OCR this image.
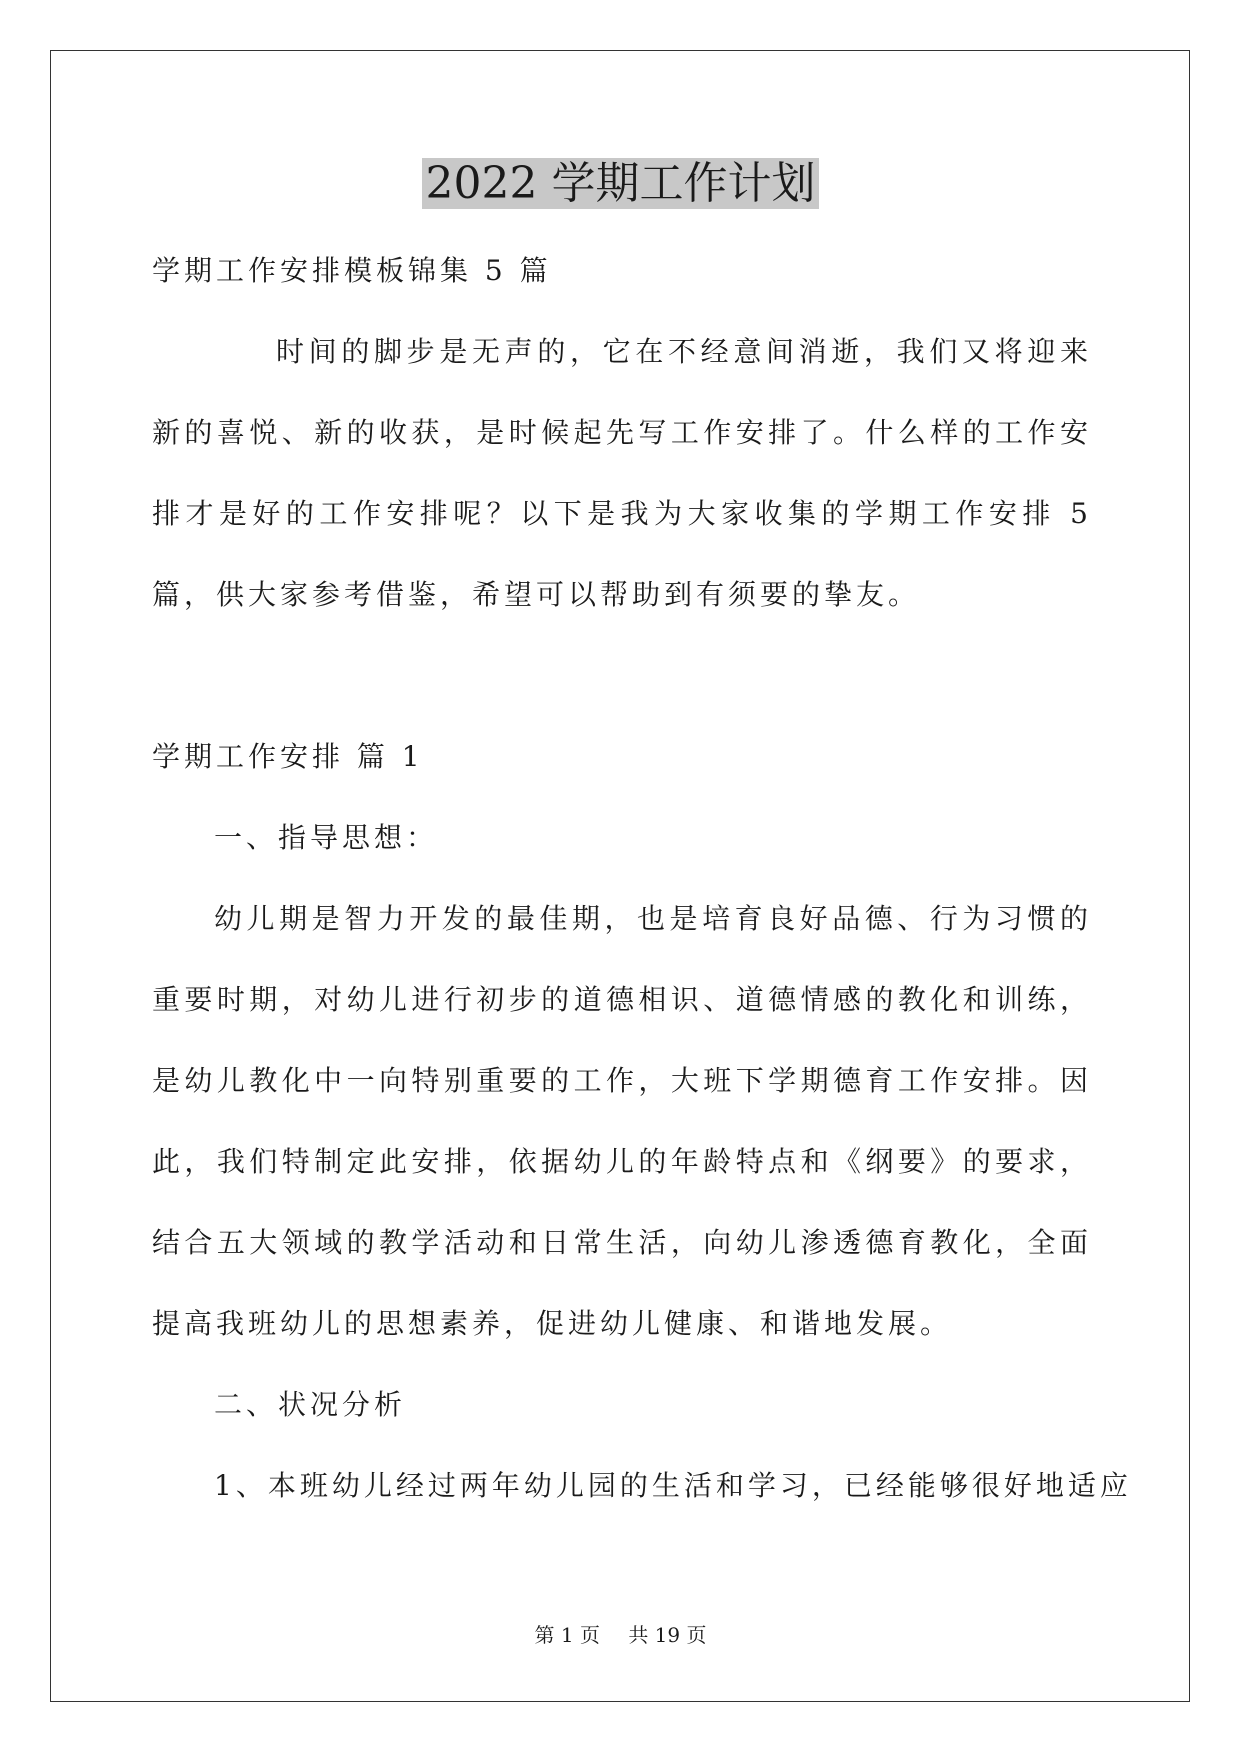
2022 学期工作计划

学期工作安排模板锦集 5 篇

时间的脚步是无声的，它在不经意间消逝，我们又将迎来新的喜悦、新的收获，是时候起先写工作安排了。什么样的工作安排才是好的工作安排呢？以下是我为大家收集的学期工作安排 5 篇，供大家参考借鉴，希望可以帮助到有须要的挚友。

学期工作安排 篇 1

一、指导思想：

幼儿期是智力开发的最佳期，也是培育良好品德、行为习惯的重要时期，对幼儿进行初步的道德相识、道德情感的教化和训练，是幼儿教化中一向特别重要的工作，大班下学期德育工作安排。因此，我们特制定此安排，依据幼儿的年龄特点和《纲要》的要求，结合五大领域的教学活动和日常生活，向幼儿渗透德育教化，全面提高我班幼儿的思想素养，促进幼儿健康、和谐地发展。

二、状况分析

1、本班幼儿经过两年幼儿园的生活和学习，已经能够很好地适应

第 1 页 共 19 页
